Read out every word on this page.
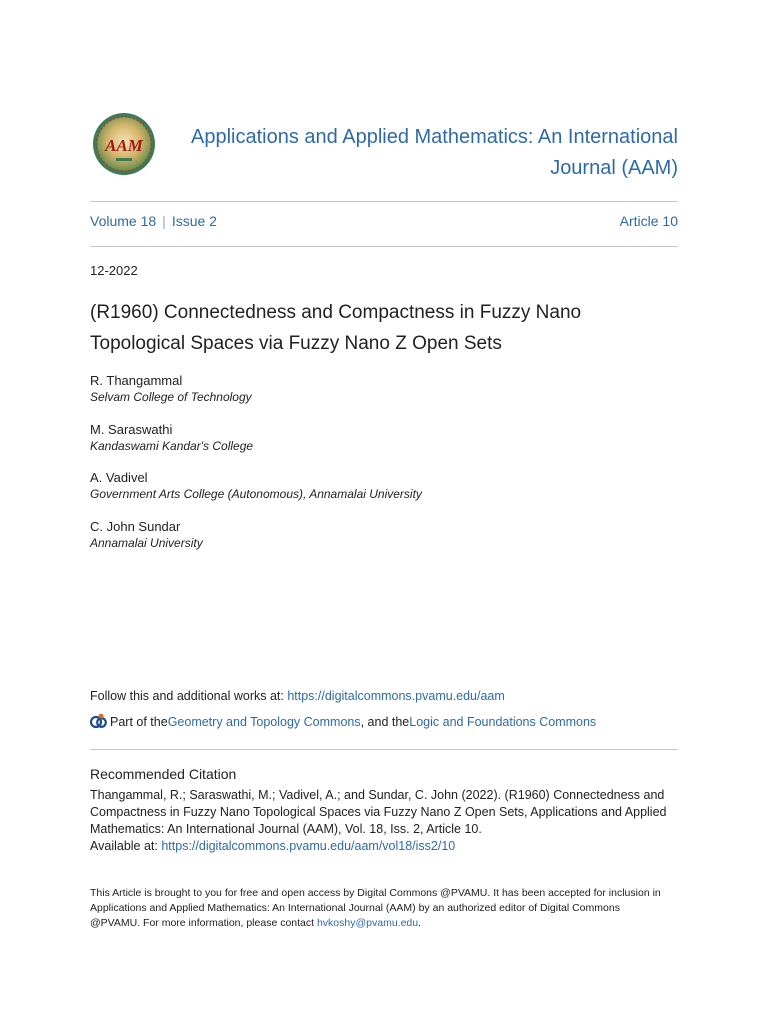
AAM	Applications and Applied Mathematics: An International Journal (AAM)
Volume 18 | Issue 2	Article 10
12-2022
(R1960) Connectedness and Compactness in Fuzzy Nano Topological Spaces via Fuzzy Nano Z Open Sets
R. Thangammal
Selvam College of Technology
M. Saraswathi
Kandaswami Kandar's College
A. Vadivel
Government Arts College (Autonomous), Annamalai University
C. John Sundar
Annamalai University
Follow this and additional works at: https://digitalcommons.pvamu.edu/aam
Part of the Geometry and Topology Commons , and the Logic and Foundations Commons
Recommended Citation
Thangammal, R.; Saraswathi, M.; Vadivel, A.; and Sundar, C. John (2022). (R1960) Connectedness and Compactness in Fuzzy Nano Topological Spaces via Fuzzy Nano Z Open Sets, Applications and Applied Mathematics: An International Journal (AAM), Vol. 18, Iss. 2, Article 10.
Available at: https://digitalcommons.pvamu.edu/aam/vol18/iss2/10
This Article is brought to you for free and open access by Digital Commons @PVAMU. It has been accepted for inclusion in Applications and Applied Mathematics: An International Journal (AAM) by an authorized editor of Digital Commons @PVAMU. For more information, please contact hvkoshy@pvamu.edu.
